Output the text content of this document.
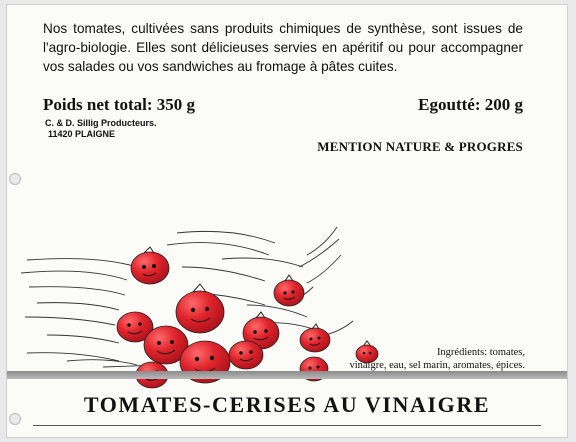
Nos tomates, cultivées sans produits chimiques de synthèse, sont issues de l'agro-biologie. Elles sont délicieuses servies en apéritif ou pour accompagner vos salades ou vos sandwiches au fromage à pâtes cuites.

Poids net total: 350 g	Egoutté: 200 g
C. & D. Sillig Producteurs.
11420 PLAIGNE
MENTION NATURE & PROGRES
Ingrédients: tomates,
vinaigre, eau, sel marin, aromates, épices.
TOMATES-CERISES AU VINAIGRE
